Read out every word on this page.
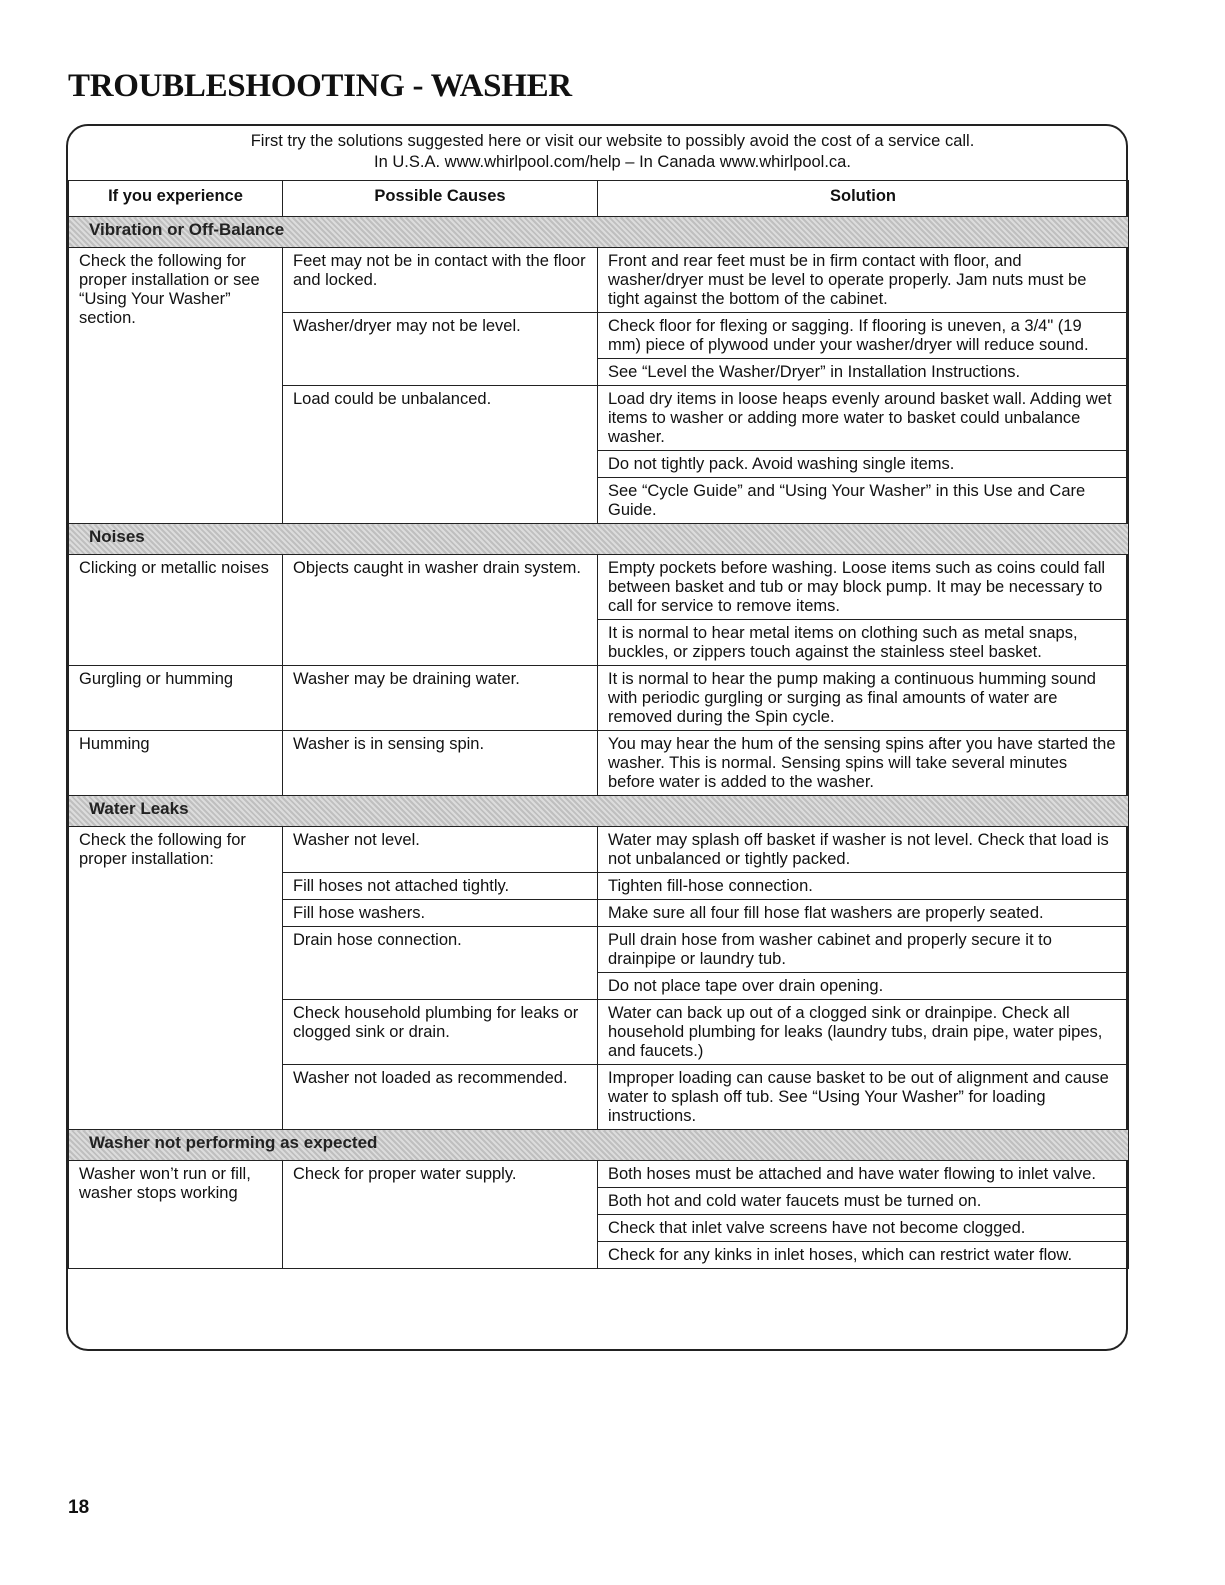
TROUBLESHOOTING - WASHER
First try the solutions suggested here or visit our website to possibly avoid the cost of a service call.
In U.S.A. www.whirlpool.com/help – In Canada www.whirlpool.ca.
If you experience	Possible Causes	Solution
Vibration or Off-Balance		
Check the following for proper installation or see “Using Your Washer” section.	Feet may not be in contact with the floor and locked.	Front and rear feet must be in firm contact with floor, and washer/dryer must be level to operate properly. Jam nuts must be tight against the bottom of the cabinet.
	Washer/dryer may not be level.	Check floor for flexing or sagging. If flooring is uneven, a 3/4" (19 mm) piece of plywood under your washer/dryer will reduce sound.
		See “Level the Washer/Dryer” in Installation Instructions.
	Load could be unbalanced.	Load dry items in loose heaps evenly around basket wall. Adding wet items to washer or adding more water to basket could unbalance washer.
		Do not tightly pack. Avoid washing single items.
		See “Cycle Guide” and “Using Your Washer” in this Use and Care Guide.
Noises		
Clicking or metallic noises	Objects caught in washer drain system.	Empty pockets before washing. Loose items such as coins could fall between basket and tub or may block pump. It may be necessary to call for service to remove items.
		It is normal to hear metal items on clothing such as metal snaps, buckles, or zippers touch against the stainless steel basket.
Gurgling or humming	Washer may be draining water.	It is normal to hear the pump making a continuous humming sound with periodic gurgling or surging as final amounts of water are removed during the Spin cycle.
Humming	Washer is in sensing spin.	You may hear the hum of the sensing spins after you have started the washer. This is normal. Sensing spins will take several minutes before water is added to the washer.
Water Leaks		
Check the following for proper installation:	Washer not level.	Water may splash off basket if washer is not level. Check that load is not unbalanced or tightly packed.
	Fill hoses not attached tightly.	Tighten fill-hose connection.
	Fill hose washers.	Make sure all four fill hose flat washers are properly seated.
	Drain hose connection.	Pull drain hose from washer cabinet and properly secure it to drainpipe or laundry tub.
		Do not place tape over drain opening.
	Check household plumbing for leaks or clogged sink or drain.	Water can back up out of a clogged sink or drainpipe. Check all household plumbing for leaks (laundry tubs, drain pipe, water pipes, and faucets.)
	Washer not loaded as recommended.	Improper loading can cause basket to be out of alignment and cause water to splash off tub. See “Using Your Washer” for loading instructions.
Washer not performing as expected		
Washer won’t run or fill, washer stops working	Check for proper water supply.	Both hoses must be attached and have water flowing to inlet valve.
		Both hot and cold water faucets must be turned on.
		Check that inlet valve screens have not become clogged.
		Check for any kinks in inlet hoses, which can restrict water flow.
18
